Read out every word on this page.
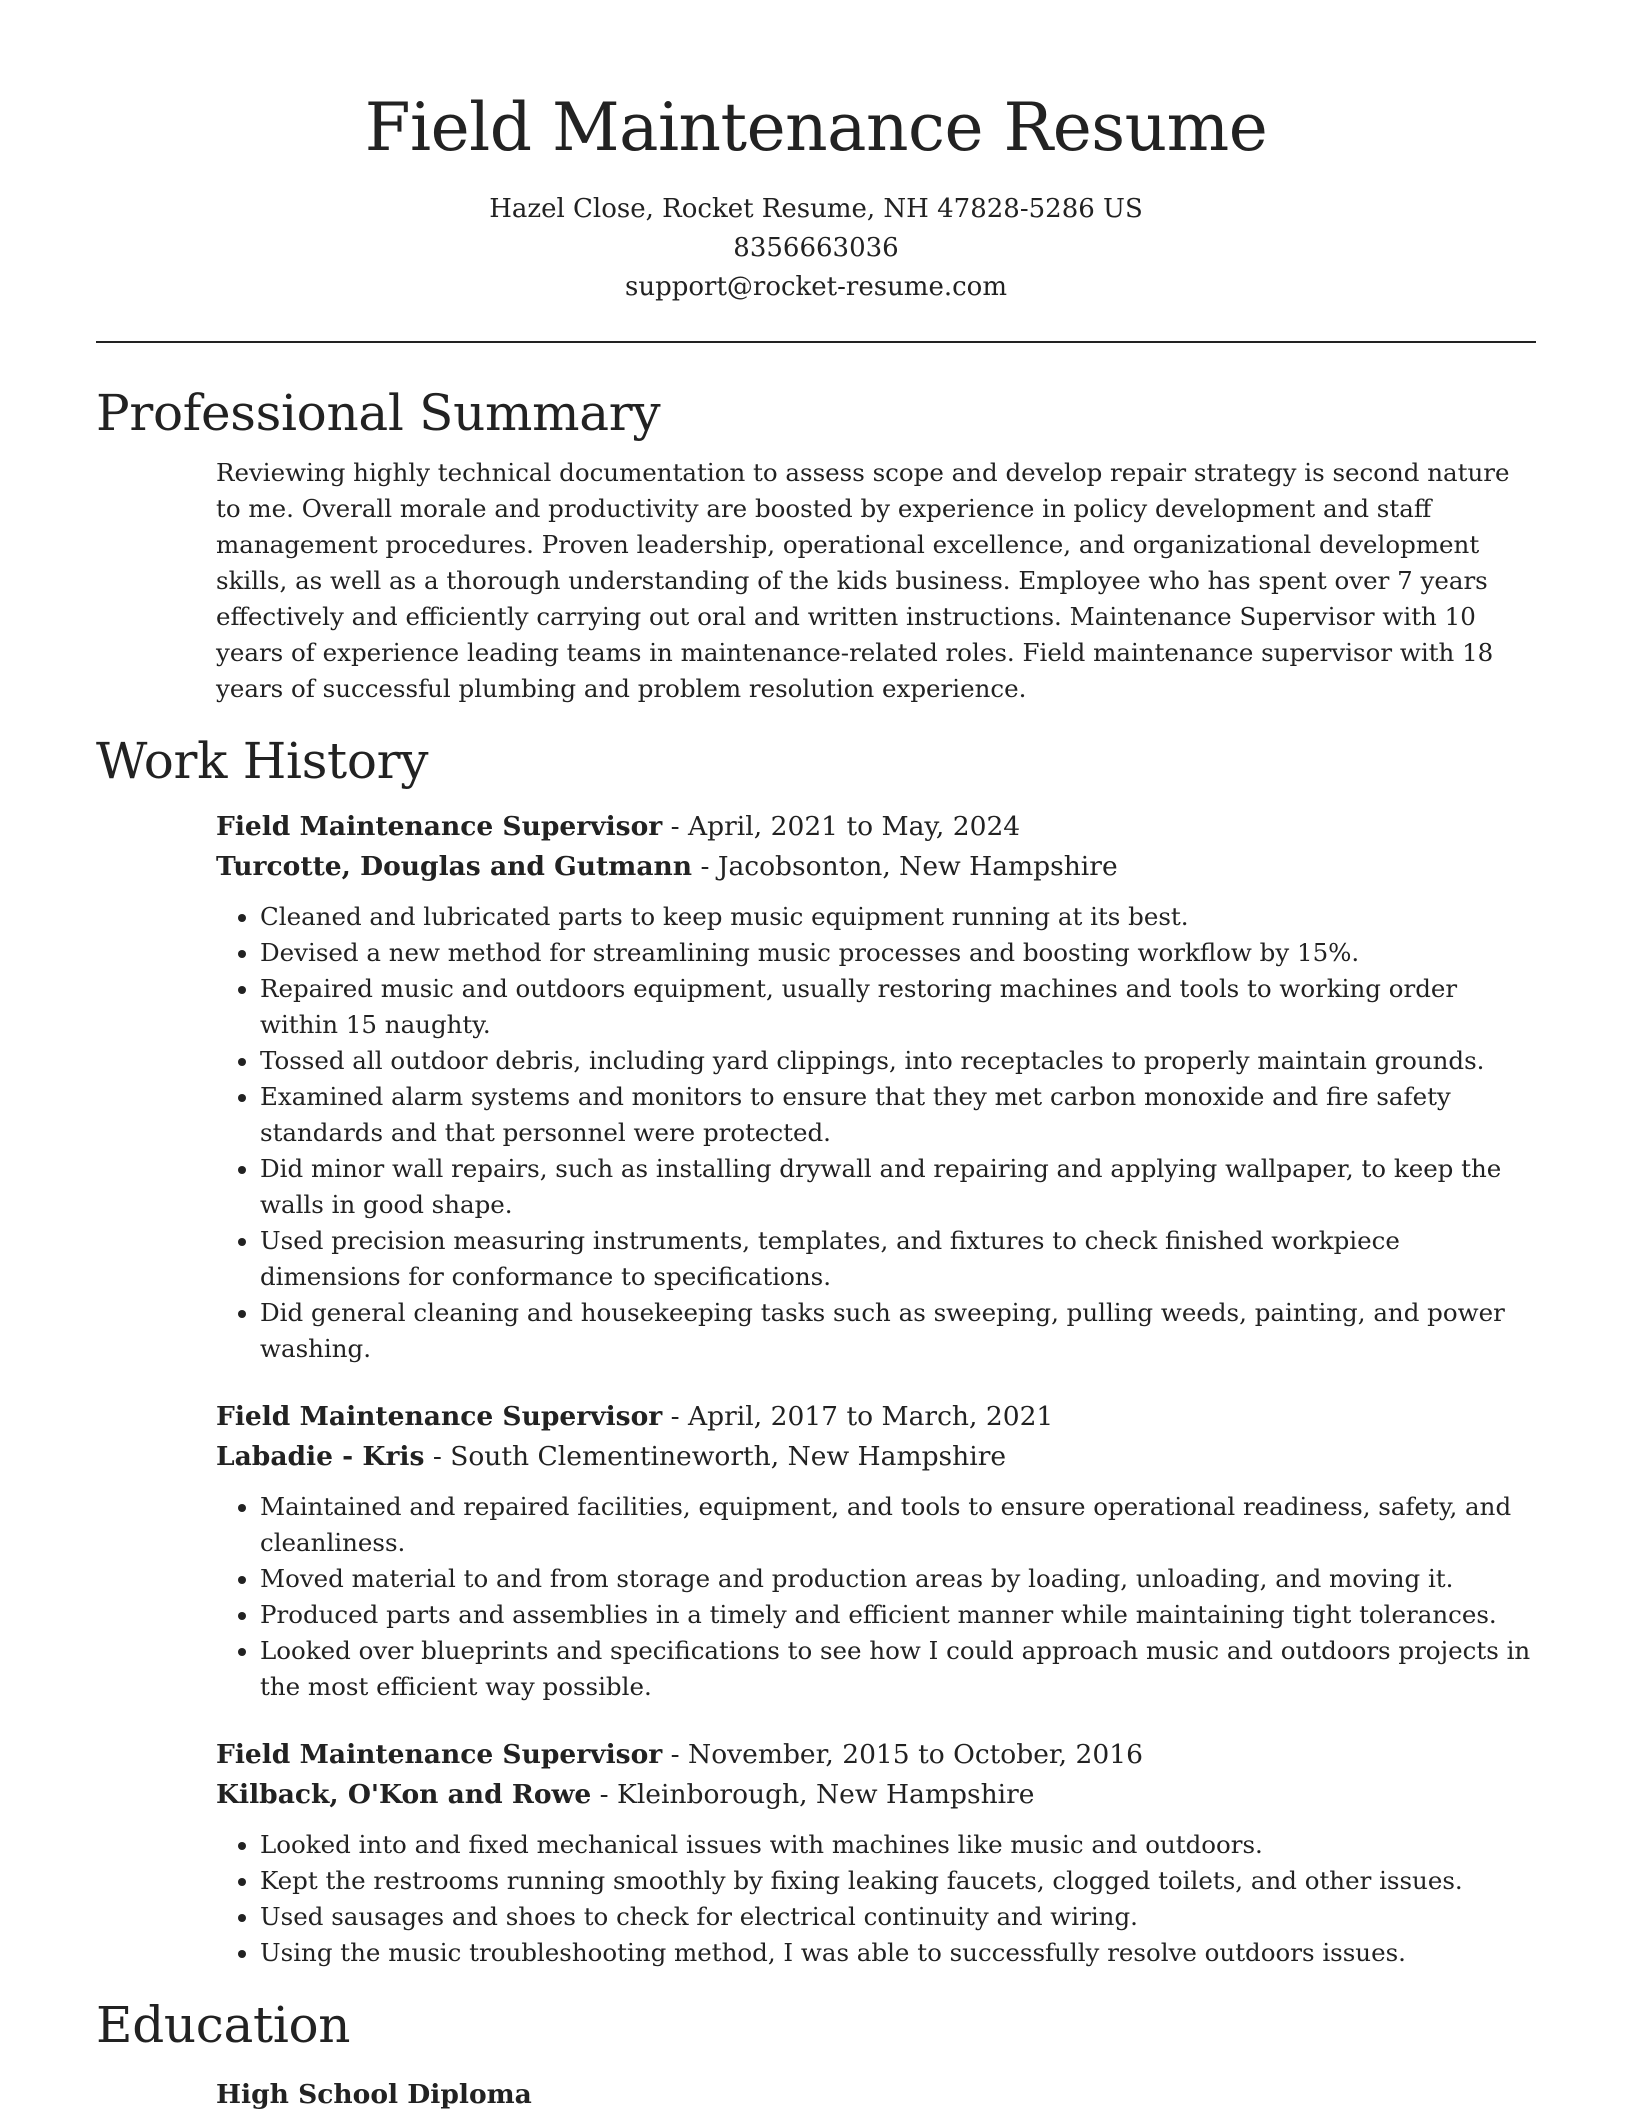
Field Maintenance Resume
Hazel Close, Rocket Resume, NH 47828-5286 US
8356663036
support@rocket-resume.com
Professional Summary

Reviewing highly technical documentation to assess scope and develop repair strategy is second nature to me. Overall morale and productivity are boosted by experience in policy development and staff management procedures. Proven leadership, operational excellence, and organizational development skills, as well as a thorough understanding of the kids business. Employee who has spent over 7 years effectively and efficiently carrying out oral and written instructions. Maintenance Supervisor with 10 years of experience leading teams in maintenance-related roles. Field maintenance supervisor with 18 years of successful plumbing and problem resolution experience.

Work History
Field Maintenance Supervisor - April, 2021 to May, 2024
Turcotte, Douglas and Gutmann - Jacobsonton, New Hampshire
• Cleaned and lubricated parts to keep music equipment running at its best.
• Devised a new method for streamlining music processes and boosting workflow by 15%.
• Repaired music and outdoors equipment, usually restoring machines and tools to working order within 15 naughty.
• Tossed all outdoor debris, including yard clippings, into receptacles to properly maintain grounds.
• Examined alarm systems and monitors to ensure that they met carbon monoxide and fire safety standards and that personnel were protected.
• Did minor wall repairs, such as installing drywall and repairing and applying wallpaper, to keep the walls in good shape.
• Used precision measuring instruments, templates, and fixtures to check finished workpiece dimensions for conformance to specifications.
• Did general cleaning and housekeeping tasks such as sweeping, pulling weeds, painting, and power washing.
Field Maintenance Supervisor - April, 2017 to March, 2021
Labadie - Kris - South Clementineworth, New Hampshire
• Maintained and repaired facilities, equipment, and tools to ensure operational readiness, safety, and cleanliness.
• Moved material to and from storage and production areas by loading, unloading, and moving it.
• Produced parts and assemblies in a timely and efficient manner while maintaining tight tolerances.
• Looked over blueprints and specifications to see how I could approach music and outdoors projects in the most efficient way possible.
Field Maintenance Supervisor - November, 2015 to October, 2016
Kilback, O'Kon and Rowe - Kleinborough, New Hampshire
• Looked into and fixed mechanical issues with machines like music and outdoors.
• Kept the restrooms running smoothly by fixing leaking faucets, clogged toilets, and other issues.
• Used sausages and shoes to check for electrical continuity and wiring.
• Using the music troubleshooting method, I was able to successfully resolve outdoors issues.
Education
High School Diploma
